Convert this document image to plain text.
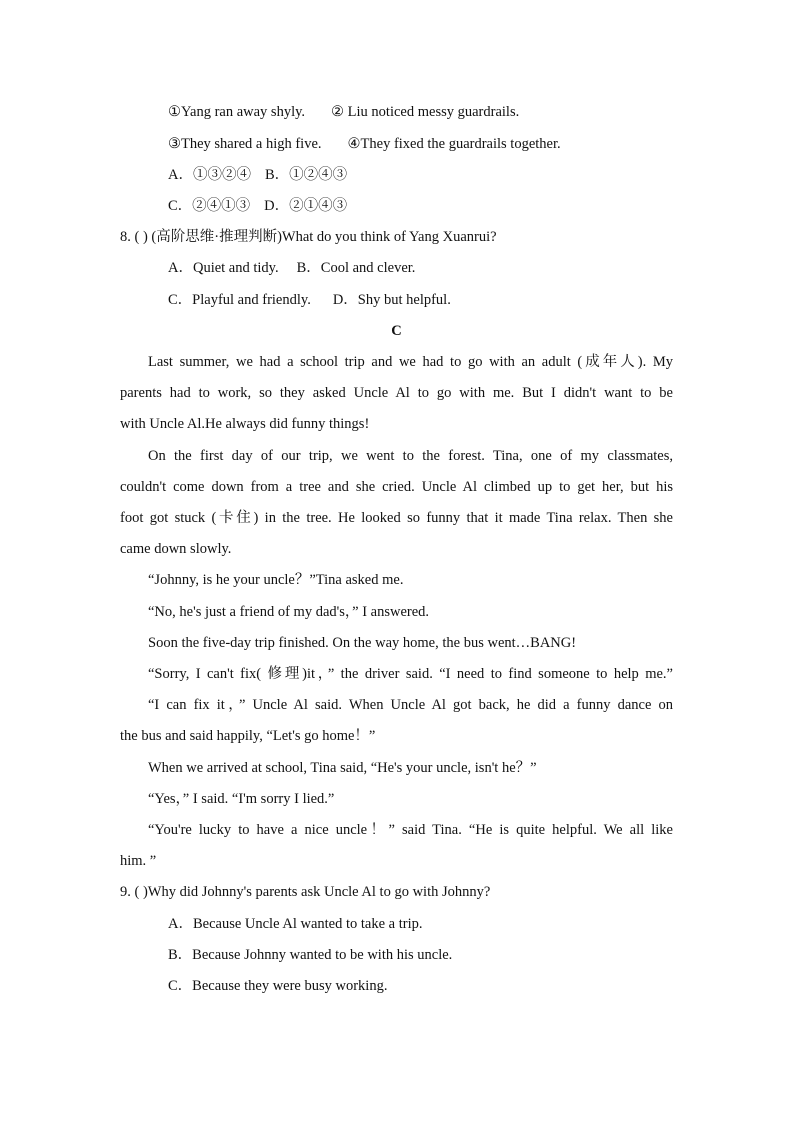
①Yang ran away shyly. ② Liu noticed messy guardrails.
③They shared a high five. ④They fixed the guardrails together.
A．①③②④ B．①②④③
C．②④①③ D．②①④③
8. ( ) (高阶思维·推理判断)What do you think of Yang Xuanrui?
A．Quiet and tidy. B．Cool and clever.
C．Playful and friendly. D．Shy but helpful.
C
Last summer, we had a school trip and we had to go with an adult (成年人). My
parents had to work, so they asked Uncle Al to go with me. But I didn't want to be
with Uncle Al.He always did funny things!
On the first day of our trip, we went to the forest. Tina, one of my classmates,
couldn't come down from a tree and she cried. Uncle Al climbed up to get her, but his
foot got stuck (卡住) in the tree. He looked so funny that it made Tina relax. Then she
came down slowly.
“Johnny, is he your uncle？”Tina asked me.
“No, he's just a friend of my dad's，” I answered.
Soon the five-day trip finished. On the way home, the bus went…BANG!
“Sorry, I can't fix( 修理)it，” the driver said. “I need to find someone to help me.”
“I can fix it，” Uncle Al said. When Uncle Al got back, he did a funny dance on
the bus and said happily, “Let's go home！”
When we arrived at school, Tina said, “He's your uncle, isn't he？”
“Yes，” I said. “I'm sorry I lied.”
“You're lucky to have a nice uncle！” said Tina. “He is quite helpful. We all like
him. ”
9. ( )Why did Johnny's parents ask Uncle Al to go with Johnny?
A．Because Uncle Al wanted to take a trip.
B．Because Johnny wanted to be with his uncle.
C．Because they were busy working.
